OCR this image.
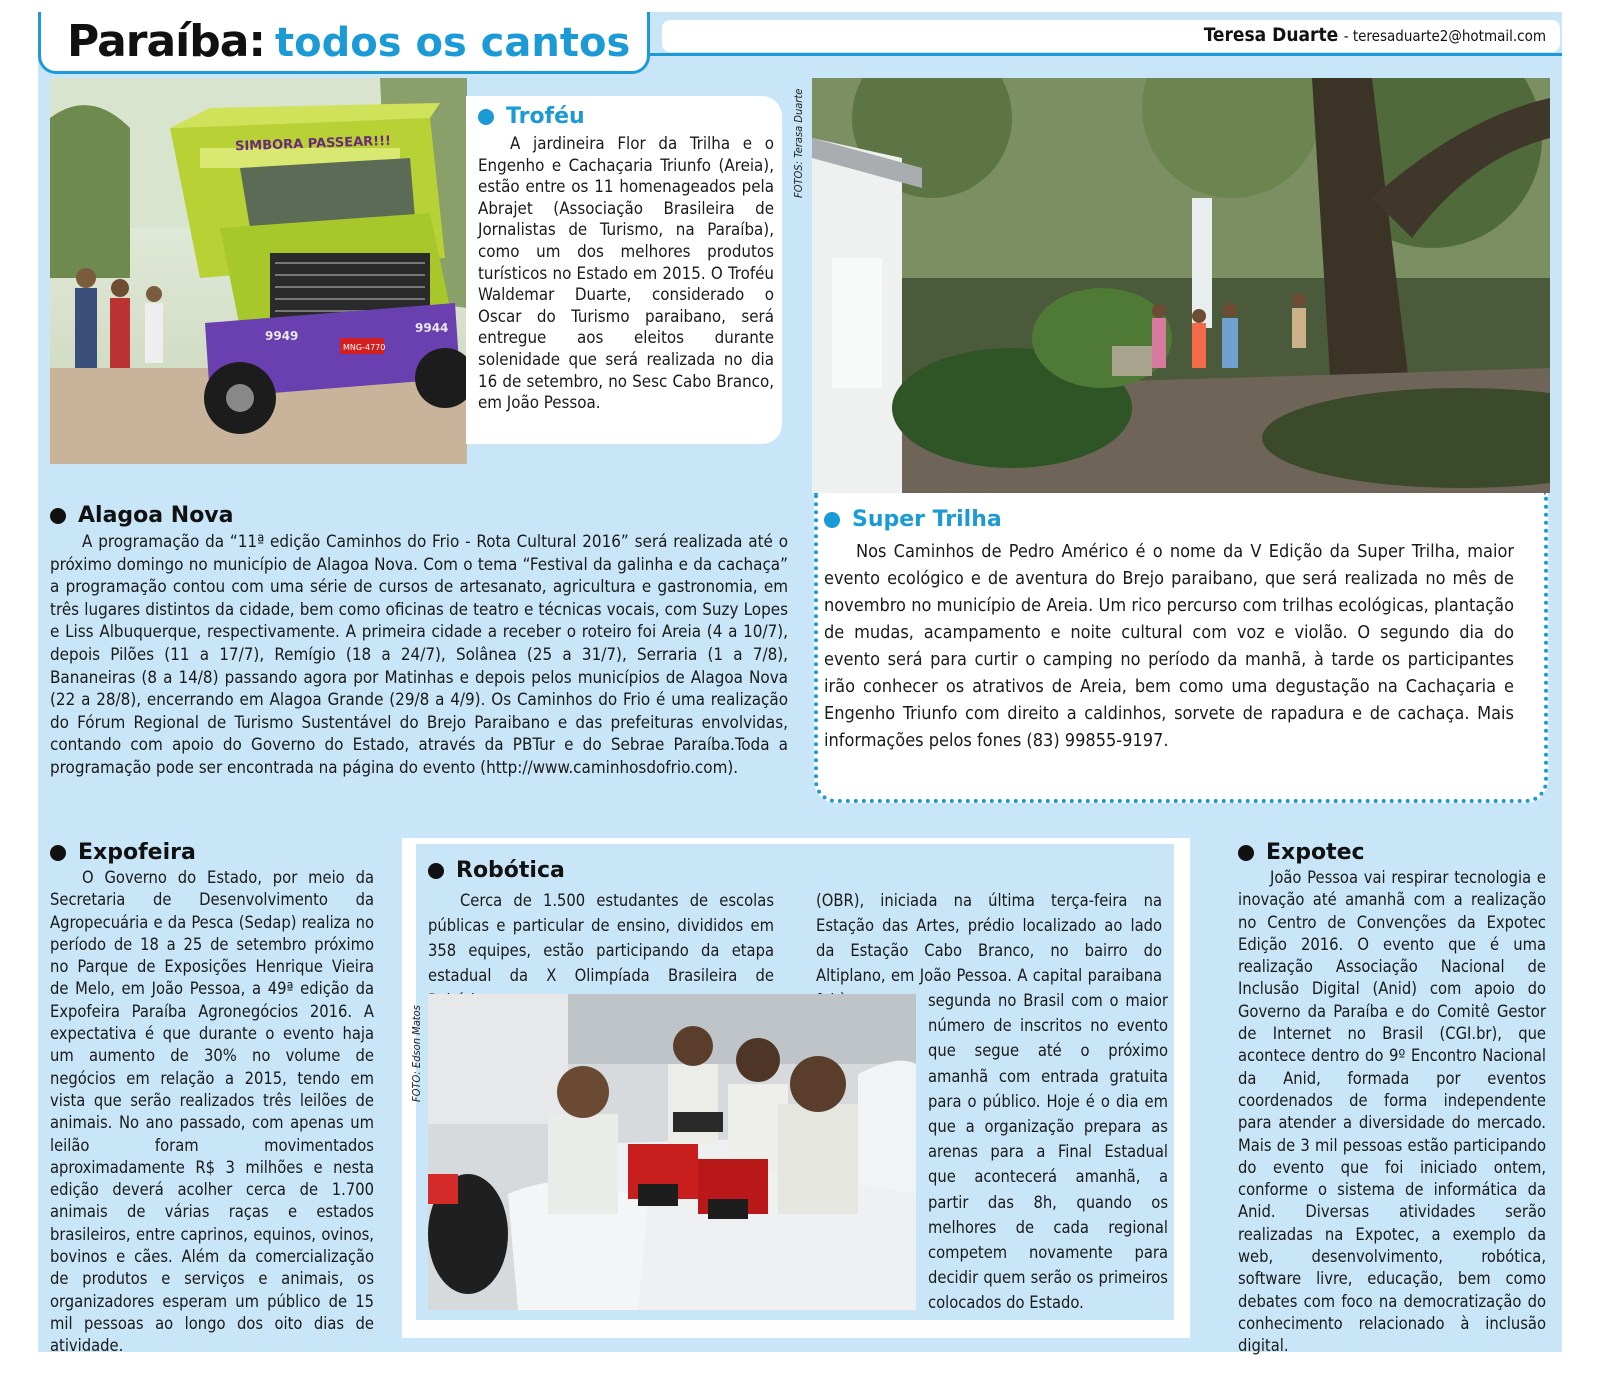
Paraíba: todos os cantos	Teresa Duarte - teresaduarte2@hotmail.com
SIMBORA PASSEAR!!!
9949
9944
MNG-4770
Troféu

A jardineira Flor da Trilha e o Engenho e Cachaçaria Triunfo (Areia), estão entre os 11 homenageados pela Abrajet (Associação Brasileira de Jornalistas de Turismo, na Paraíba), como um dos melhores produtos turísticos no Estado em 2015. O Troféu Waldemar Duarte, considerado o Oscar do Turismo paraibano, será entregue aos eleitos durante solenidade que será realizada no dia 16 de setembro, no Sesc Cabo Branco, em João Pessoa.

FOTOS: Terasa Duarte
Super Trilha

Nos Caminhos de Pedro Américo é o nome da V Edição da Super Trilha, maior evento ecológico e de aventura do Brejo paraibano, que será realizada no mês de novembro no município de Areia. Um rico percurso com trilhas ecológicas, plantação de mudas, acampamento e noite cultural com voz e violão. O segundo dia do evento será para curtir o camping no período da manhã, à tarde os participantes irão conhecer os atrativos de Areia, bem como uma degustação na Cachaçaria e Engenho Triunfo com direito a caldinhos, sorvete de rapadura e de cachaça. Mais informações pelos fones (83) 99855-9197.

Alagoa Nova

A programação da “11ª edição Caminhos do Frio - Rota Cultural 2016” será realizada até o próximo domingo no município de Alagoa Nova. Com o tema “Festival da galinha e da cachaça” a programação contou com uma série de cursos de artesanato, agricultura e gastronomia, em três lugares distintos da cidade, bem como oficinas de teatro e técnicas vocais, com Suzy Lopes e Liss Albuquerque, respectivamente. A primeira cidade a receber o roteiro foi Areia (4 a 10/7), depois Pilões (11 a 17/7), Remígio (18 a 24/7), Solânea (25 a 31/7), Serraria (1 a 7/8), Bananeiras (8 a 14/8) passando agora por Matinhas e depois pelos municípios de Alagoa Nova (22 a 28/8), encerrando em Alagoa Grande (29/8 a 4/9). Os Caminhos do Frio é uma realização do Fórum Regional de Turismo Sustentável do Brejo Paraibano e das prefeituras envolvidas, contando com apoio do Governo do Estado, através da PBTur e do Sebrae Paraíba.Toda a programação pode ser encontrada na página do evento (http://www.caminhosdofrio.com).

Expofeira

O Governo do Estado, por meio da Secretaria de Desenvolvimento da Agropecuária e da Pesca (Sedap) realiza no período de 18 a 25 de setembro próximo no Parque de Exposições Henrique Vieira de Melo, em João Pessoa, a 49ª edição da Expofeira Paraíba Agronegócios 2016. A expectativa é que durante o evento haja um aumento de 30% no volume de negócios em relação a 2015, tendo em vista que serão realizados três leilões de animais. No ano passado, com apenas um leilão foram movimentados aproximadamente R$ 3 milhões e nesta edição deverá acolher cerca de 1.700 animais de várias raças e estados brasileiros, entre caprinos, equinos, ovinos, bovinos e cães. Além da comercialização de produtos e serviços e animais, os organizadores esperam um público de 15 mil pessoas ao longo dos oito dias de atividade.

Robótica

Cerca de 1.500 estudantes de escolas públicas e particular de ensino, divididos em 358 equipes, estão participando da etapa estadual da X Olimpíada Brasileira de

(OBR), iniciada na última terça-feira na Estação das Artes, prédio localizado ao lado da Estação Cabo Branco, no bairro do Altiplano, em João Pessoa. A capital paraibana

segunda no Brasil com o maior número de inscritos no evento que segue até o próximo amanhã com entrada gratuita para o público. Hoje é o dia em que a organização prepara as arenas para a Final Estadual que acontecerá amanhã, a partir das 8h, quando os melhores de cada regional competem novamente para decidir quem serão os primeiros colocados do Estado.

FOTO: Edson Matos
Expotec

João Pessoa vai respirar tecnologia e inovação até amanhã com a realização no Centro de Convenções da Expotec Edição 2016. O evento que é uma realização Associação Nacional de Inclusão Digital (Anid) com apoio do Governo da Paraíba e do Comitê Gestor de Internet no Brasil (CGI.br), que acontece dentro do 9º Encontro Nacional da Anid, formada por eventos coordenados de forma independente para atender a diversidade do mercado. Mais de 3 mil pessoas estão participando do evento que foi iniciado ontem, conforme o sistema de informática da Anid. Diversas atividades serão realizadas na Expotec, a exemplo da web, desenvolvimento, robótica, software livre, educação, bem como debates com foco na democratização do conhecimento relacionado à inclusão digital.
